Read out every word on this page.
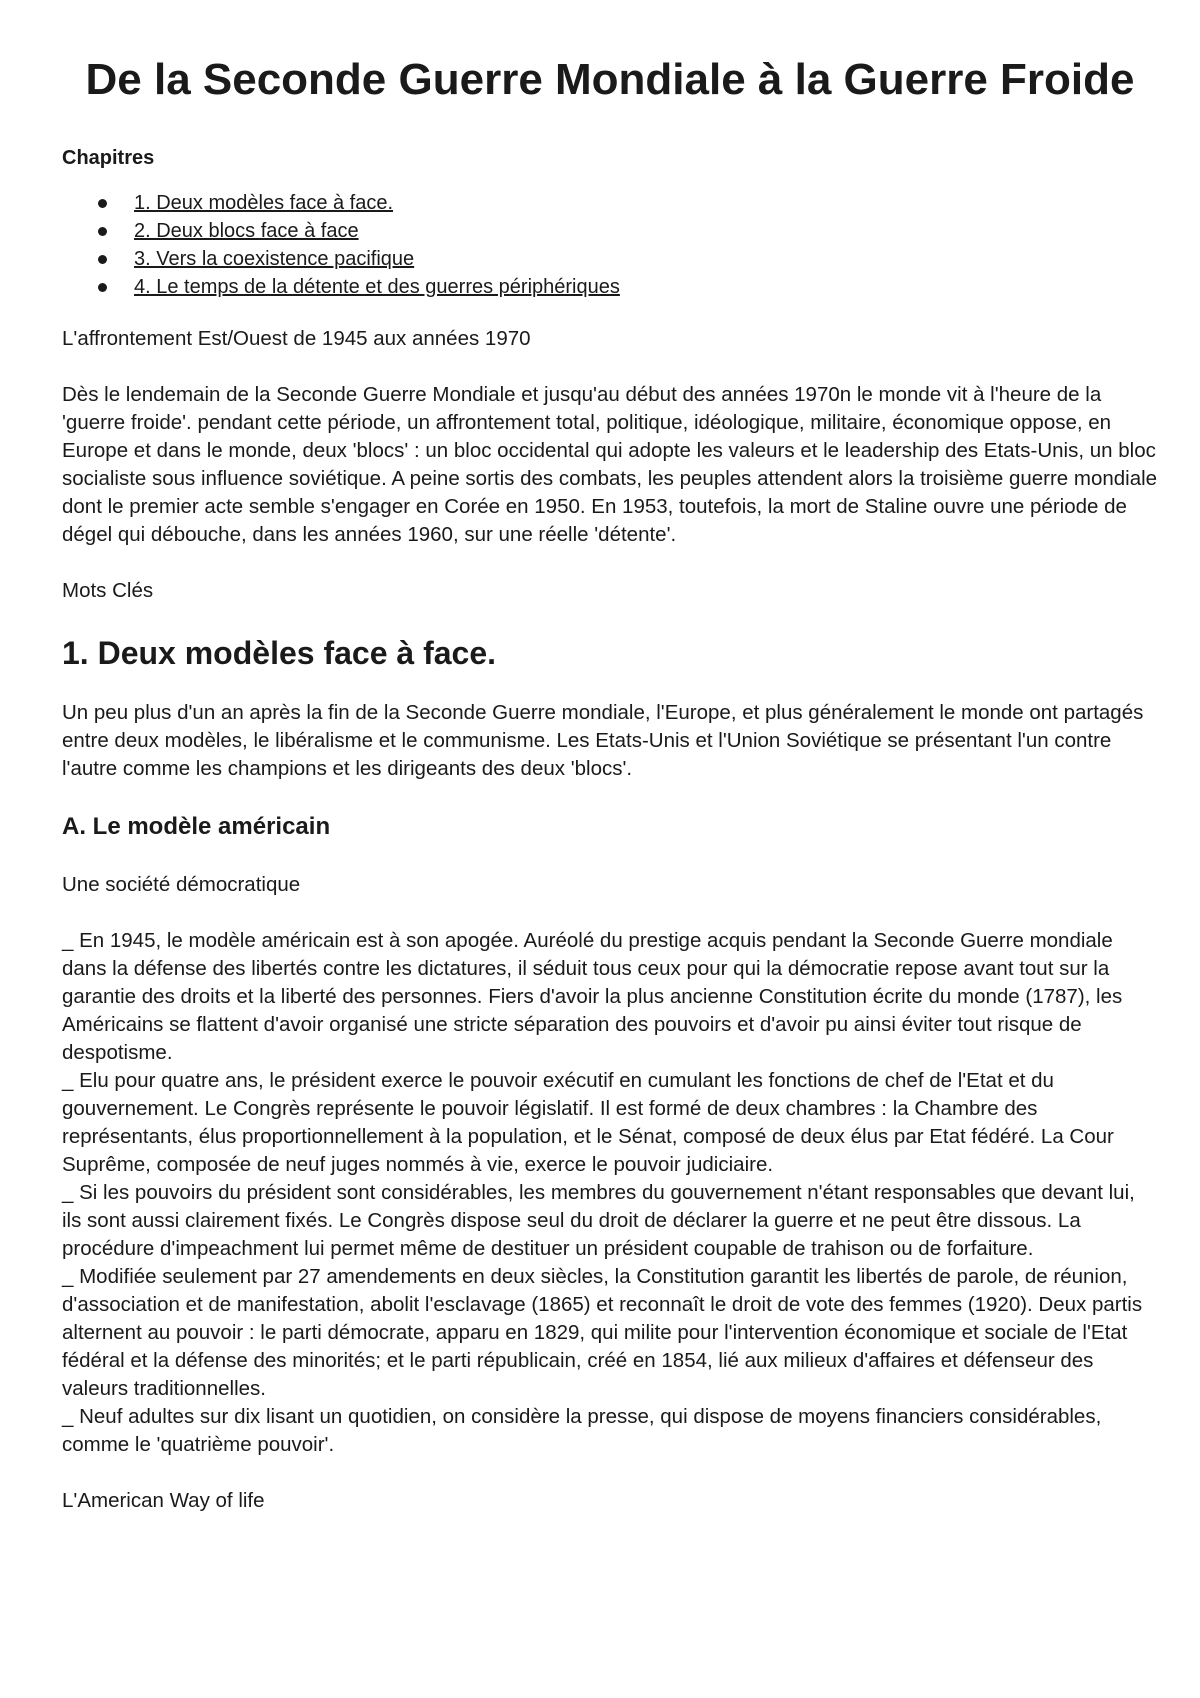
De la Seconde Guerre Mondiale à la Guerre Froide
Chapitres
1. Deux modèles face à face.
2. Deux blocs face à face
3. Vers la coexistence pacifique
4. Le temps de la détente et des guerres périphériques

L'affrontement Est/Ouest de 1945 aux années 1970

Dès le lendemain de la Seconde Guerre Mondiale et jusqu'au début des années 1970n le monde vit à l'heure de la 'guerre froide'. pendant cette période, un affrontement total, politique, idéologique, militaire, économique oppose, en Europe et dans le monde, deux 'blocs' : un bloc occidental qui adopte les valeurs et le leadership des Etats-Unis, un bloc socialiste sous influence soviétique. A peine sortis des combats, les peuples attendent alors la troisième guerre mondiale dont le premier acte semble s'engager en Corée en 1950. En 1953, toutefois, la mort de Staline ouvre une période de dégel qui débouche, dans les années 1960, sur une réelle 'détente'.

Mots Clés

1. Deux modèles face à face.

Un peu plus d'un an après la fin de la Seconde Guerre mondiale, l'Europe, et plus généralement le monde ont partagés entre deux modèles, le libéralisme et le communisme. Les Etats-Unis et l'Union Soviétique se présentant l'un contre l'autre comme les champions et les dirigeants des deux 'blocs'.

A. Le modèle américain

Une société démocratique

_ En 1945, le modèle américain est à son apogée. Auréolé du prestige acquis pendant la Seconde Guerre mondiale dans la défense des libertés contre les dictatures, il séduit tous ceux pour qui la démocratie repose avant tout sur la garantie des droits et la liberté des personnes. Fiers d'avoir la plus ancienne Constitution écrite du monde (1787), les Américains se flattent d'avoir organisé une stricte séparation des pouvoirs et d'avoir pu ainsi éviter tout risque de despotisme.

_ Elu pour quatre ans, le président exerce le pouvoir exécutif en cumulant les fonctions de chef de l'Etat et du gouvernement. Le Congrès représente le pouvoir législatif. Il est formé de deux chambres : la Chambre des représentants, élus proportionnellement à la population, et le Sénat, composé de deux élus par Etat fédéré. La Cour Suprême, composée de neuf juges nommés à vie, exerce le pouvoir judiciaire.

_ Si les pouvoirs du président sont considérables, les membres du gouvernement n'étant responsables que devant lui, ils sont aussi clairement fixés. Le Congrès dispose seul du droit de déclarer la guerre et ne peut être dissous. La procédure d'impeachment lui permet même de destituer un président coupable de trahison ou de forfaiture.

_ Modifiée seulement par 27 amendements en deux siècles, la Constitution garantit les libertés de parole, de réunion, d'association et de manifestation, abolit l'esclavage (1865) et reconnaît le droit de vote des femmes (1920). Deux partis alternent au pouvoir : le parti démocrate, apparu en 1829, qui milite pour l'intervention économique et sociale de l'Etat fédéral et la défense des minorités; et le parti républicain, créé en 1854, lié aux milieux d'affaires et défenseur des valeurs traditionnelles.

_ Neuf adultes sur dix lisant un quotidien, on considère la presse, qui dispose de moyens financiers considérables, comme le 'quatrième pouvoir'.

L'American Way of life
